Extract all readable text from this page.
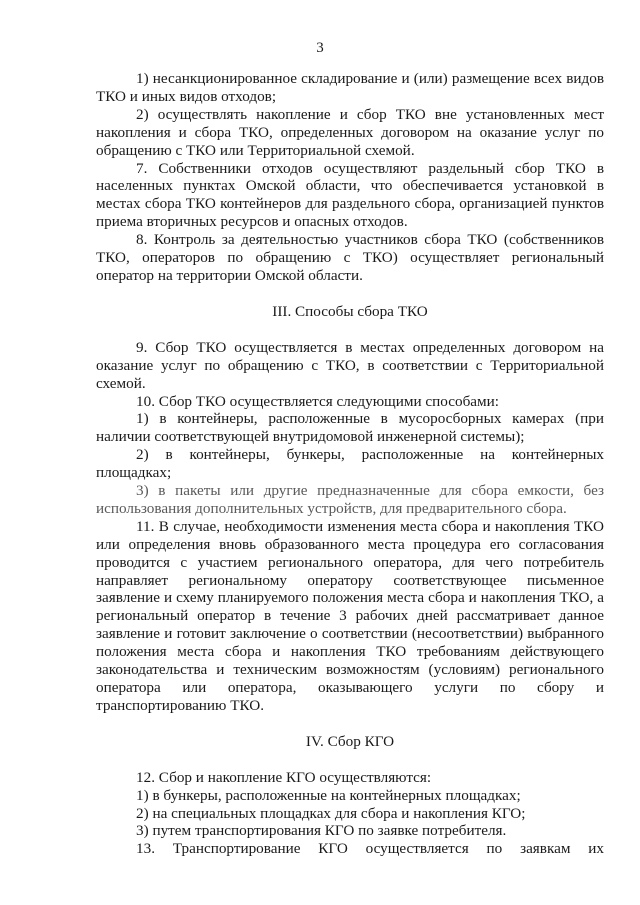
3

1) несанкционированное складирование и (или) размещение всех видов ТКО и иных видов отходов;

2) осуществлять накопление и сбор ТКО вне установленных мест накопления и сбора ТКО, определенных договором на оказание услуг по обращению с ТКО или Территориальной схемой.

7. Собственники отходов осуществляют раздельный сбор ТКО в населенных пунктах Омской области, что обеспечивается установкой в местах сбора ТКО контейнеров для раздельного сбора, организацией пунктов приема вторичных ресурсов и опасных отходов.

8. Контроль за деятельностью участников сбора ТКО (собственников ТКО, операторов по обращению с ТКО) осуществляет региональный оператор на территории Омской области.

III. Способы сбора ТКО

9. Сбор ТКО осуществляется в местах определенных договором на оказание услуг по обращению с ТКО, в соответствии с Территориальной схемой.

10. Сбор ТКО осуществляется следующими способами:

1) в контейнеры, расположенные в мусоросборных камерах (при наличии соответствующей внутридомовой инженерной системы);

2) в контейнеры, бункеры, расположенные на контейнерных площадках;

3) в пакеты или другие предназначенные для сбора емкости, без использования дополнительных устройств, для предварительного сбора.

11. В случае, необходимости изменения места сбора и накопления ТКО или определения вновь образованного места процедура его согласования проводится с участием регионального оператора, для чего потребитель направляет региональному оператору соответствующее письменное заявление и схему планируемого положения места сбора и накопления ТКО, а региональный оператор в течение 3 рабочих дней рассматривает данное заявление и готовит заключение о соответствии (несоответствии) выбранного положения места сбора и накопления ТКО требованиям действующего законодательства и техническим возможностям (условиям) регионального оператора или оператора, оказывающего услуги по сбору и транспортированию ТКО.

IV. Сбор КГО

12. Сбор и накопление КГО осуществляются:

1) в бункеры, расположенные на контейнерных площадках;

2) на специальных площадках для сбора и накопления КГО;

3) путем транспортирования КГО по заявке потребителя.

13. Транспортирование КГО осуществляется по заявкам их
